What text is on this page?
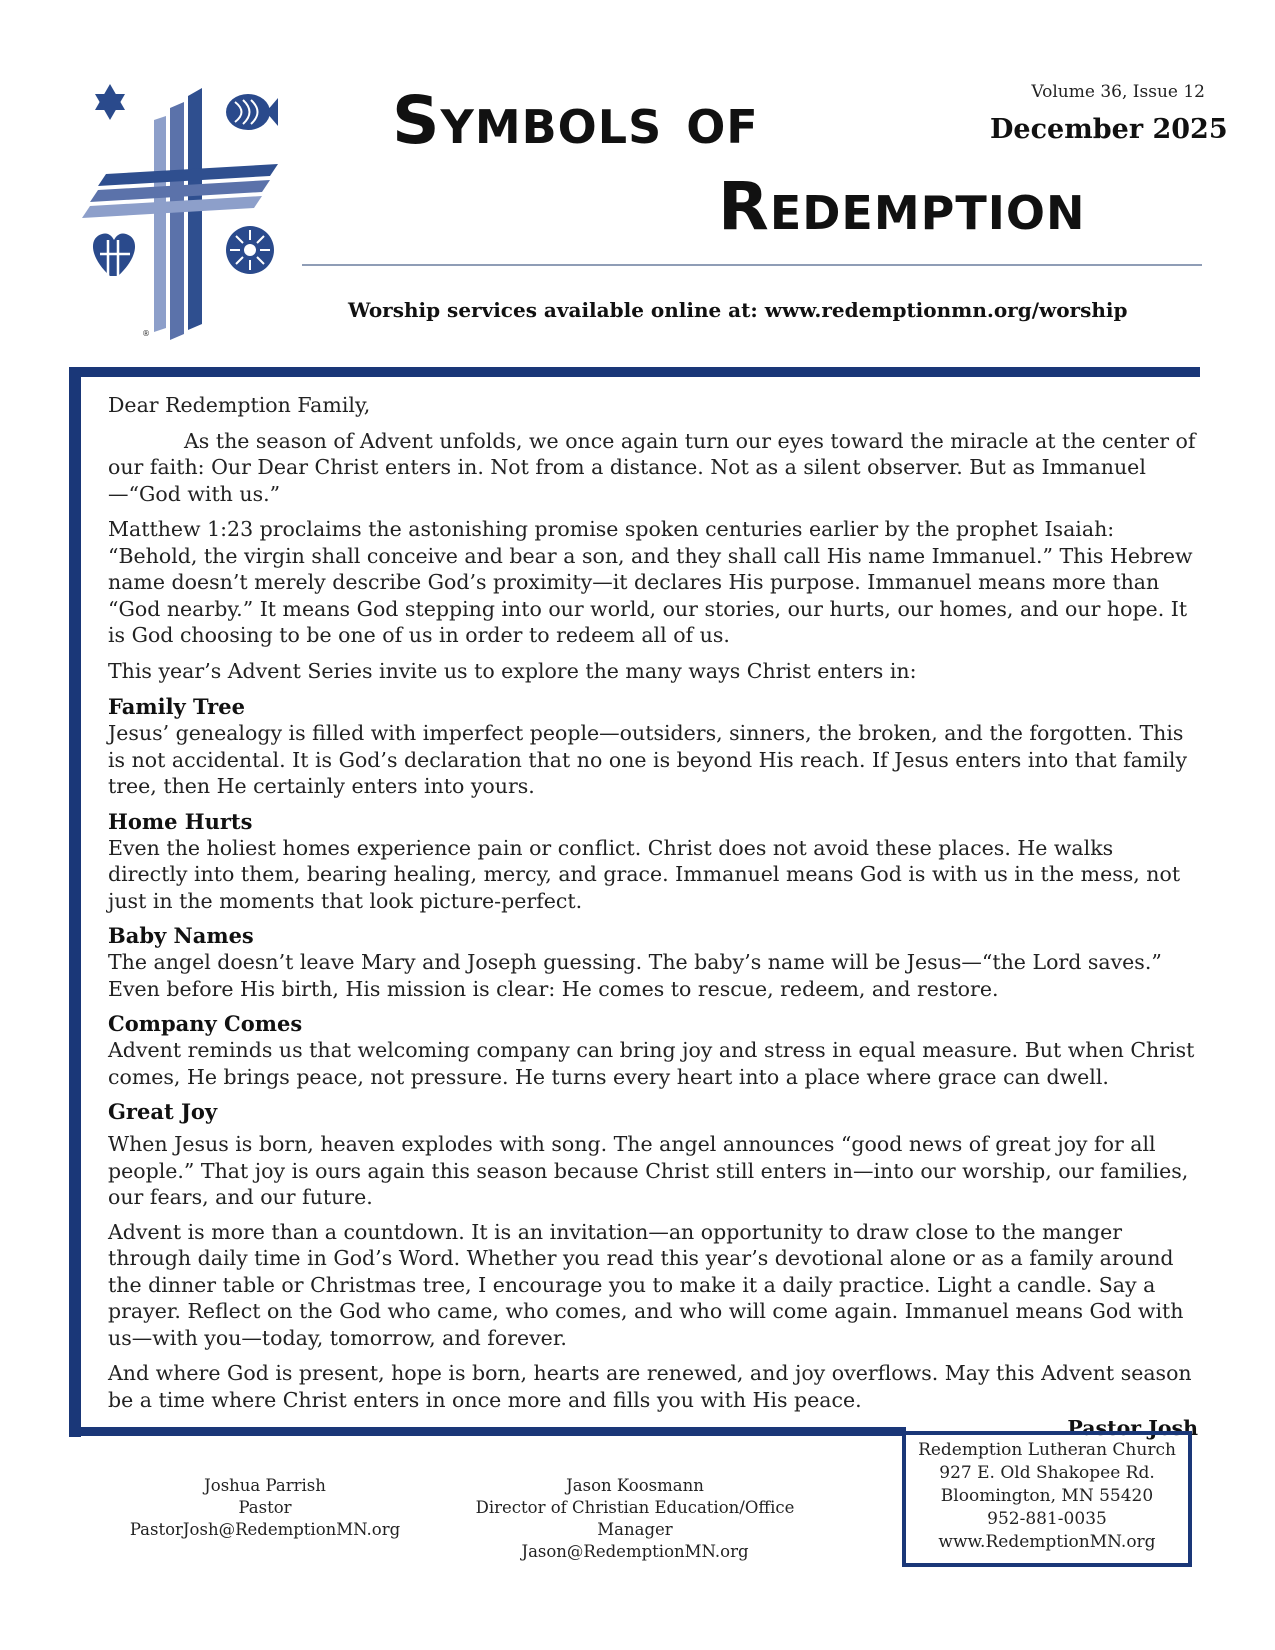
®
Symbols of
Redemption
Volume 36, Issue 12
December 2025
Worship services available online at: www.redemptionmn.org/worship

Dear Redemption Family,

As the season of Advent unfolds, we once again turn our eyes toward the miracle at the center of our faith: Our Dear Christ enters in. Not from a distance. Not as a silent observer. But as Immanuel—“God with us.”

Matthew 1:23 proclaims the astonishing promise spoken centuries earlier by the prophet Isaiah: “Behold, the virgin shall conceive and bear a son, and they shall call His name Immanuel.” This Hebrew name doesn’t merely describe God’s proximity—it declares His purpose. Immanuel means more than “God nearby.” It means God stepping into our world, our stories, our hurts, our homes, and our hope. It is God choosing to be one of us in order to redeem all of us.

This year’s Advent Series invite us to explore the many ways Christ enters in:

Family Tree
Jesus’ genealogy is filled with imperfect people—outsiders, sinners, the broken, and the forgotten. This is not accidental. It is God’s declaration that no one is beyond His reach. If Jesus enters into that family tree, then He certainly enters into yours.
Home Hurts
Even the holiest homes experience pain or conflict. Christ does not avoid these places. He walks directly into them, bearing healing, mercy, and grace. Immanuel means God is with us in the mess, not just in the moments that look picture-perfect.
Baby Names
The angel doesn’t leave Mary and Joseph guessing. The baby’s name will be Jesus—“the Lord saves.” Even before His birth, His mission is clear: He comes to rescue, redeem, and restore.
Company Comes
Advent reminds us that welcoming company can bring joy and stress in equal measure. But when Christ comes, He brings peace, not pressure. He turns every heart into a place where grace can dwell.
Great Joy
When Jesus is born, heaven explodes with song. The angel announces “good news of great joy for all people.” That joy is ours again this season because Christ still enters in—into our worship, our families, our fears, and our future.

Advent is more than a countdown. It is an invitation—an opportunity to draw close to the manger through daily time in God’s Word. Whether you read this year’s devotional alone or as a family around the dinner table or Christmas tree, I encourage you to make it a daily practice. Light a candle. Say a prayer. Reflect on the God who came, who comes, and who will come again. Immanuel means God with us—with you—today, tomorrow, and forever.

And where God is present, hope is born, hearts are renewed, and joy overflows. May this Advent season be a time where Christ enters in once more and fills you with His peace.

Pastor Josh
Joshua Parrish
Pastor
PastorJosh@RedemptionMN.org
Jason Koosmann
Director of Christian Education/Office Manager
Jason@RedemptionMN.org
Redemption Lutheran Church
927 E. Old Shakopee Rd.
Bloomington, MN 55420
952-881-0035
www.RedemptionMN.org
